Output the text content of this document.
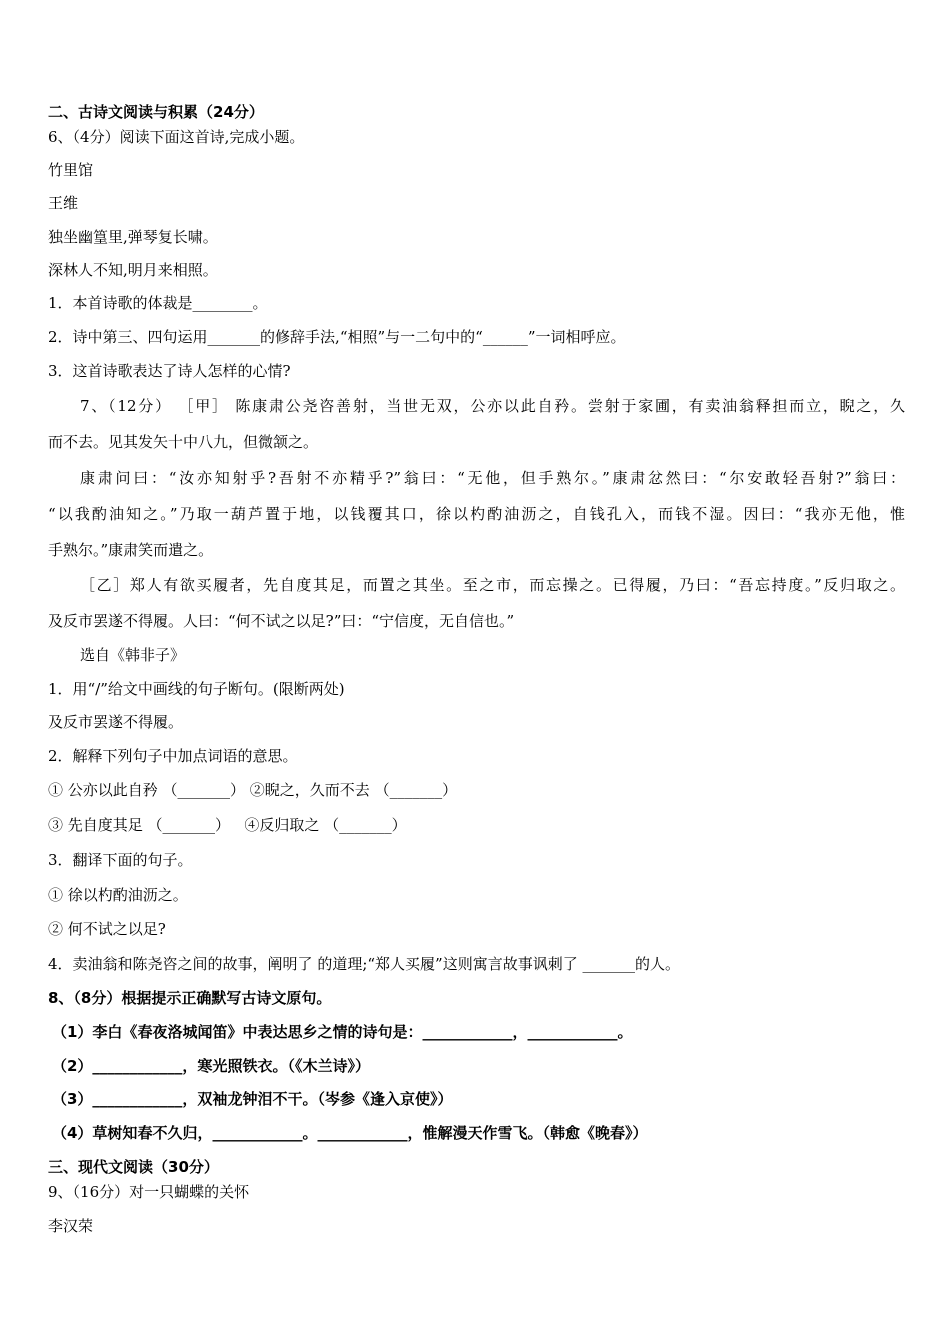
二、古诗文阅读与积累（24分）
6、（4分）阅读下面这首诗,完成小题。
竹里馆
王维
独坐幽篁里,弹琴复长啸。
深林人不知,明月来相照。
1．本首诗歌的体裁是________。
2．诗中第三、四句运用_______的修辞手法,“相照”与一二句中的“______”一词相呼应。
3．这首诗歌表达了诗人怎样的心情?
7、（12分） ［甲］ 陈康肃公尧咨善射，当世无双，公亦以此自矜。尝射于家圃，有卖油翁释担而立，睨之，久
而不去。见其发矢十中八九，但微颔之。
康肃问曰：“汝亦知射乎?吾射不亦精乎?”翁曰：“无他，但手熟尔。”康肃忿然曰：“尔安敢轻吾射?”翁曰：
“以我酌油知之。”乃取一葫芦置于地，以钱覆其口，徐以杓酌油沥之，自钱孔入，而钱不湿。因曰：“我亦无他，惟
手熟尔。”康肃笑而遣之。
［乙］郑人有欲买履者，先自度其足，而置之其坐。至之市，而忘操之。已得履，乃曰：“吾忘持度。”反归取之。
及反市罢遂不得履。人曰：“何不试之以足?”曰：“宁信度，无自信也。”
选自《韩非子》
1．用“/”给文中画线的句子断句。(限断两处)
及反市罢遂不得履。
2．解释下列句子中加点词语的意思。
① 公亦以此自矜 （_______） ②睨之，久而不去 （_______）
③ 先自度其足 （_______）   ④反归取之 （_______）
3．翻译下面的句子。
① 徐以杓酌油沥之。
② 何不试之以足?
4．卖油翁和陈尧咨之间的故事，阐明了 的道理;“郑人买履”这则寓言故事讽刺了 _______的人。
8、（8分）根据提示正确默写古诗文原句。
（1）李白《春夜洛城闻笛》中表达思乡之情的诗句是：____________，____________。
（2）____________，寒光照铁衣。（《木兰诗》）
（3）____________，双袖龙钟泪不干。（岑参《逢入京使》）
（4）草树知春不久归，____________。____________，惟解漫天作雪飞。（韩愈《晚春》）
三、现代文阅读（30分）
9、（16分）对一只蝴蝶的关怀
李汉荣
